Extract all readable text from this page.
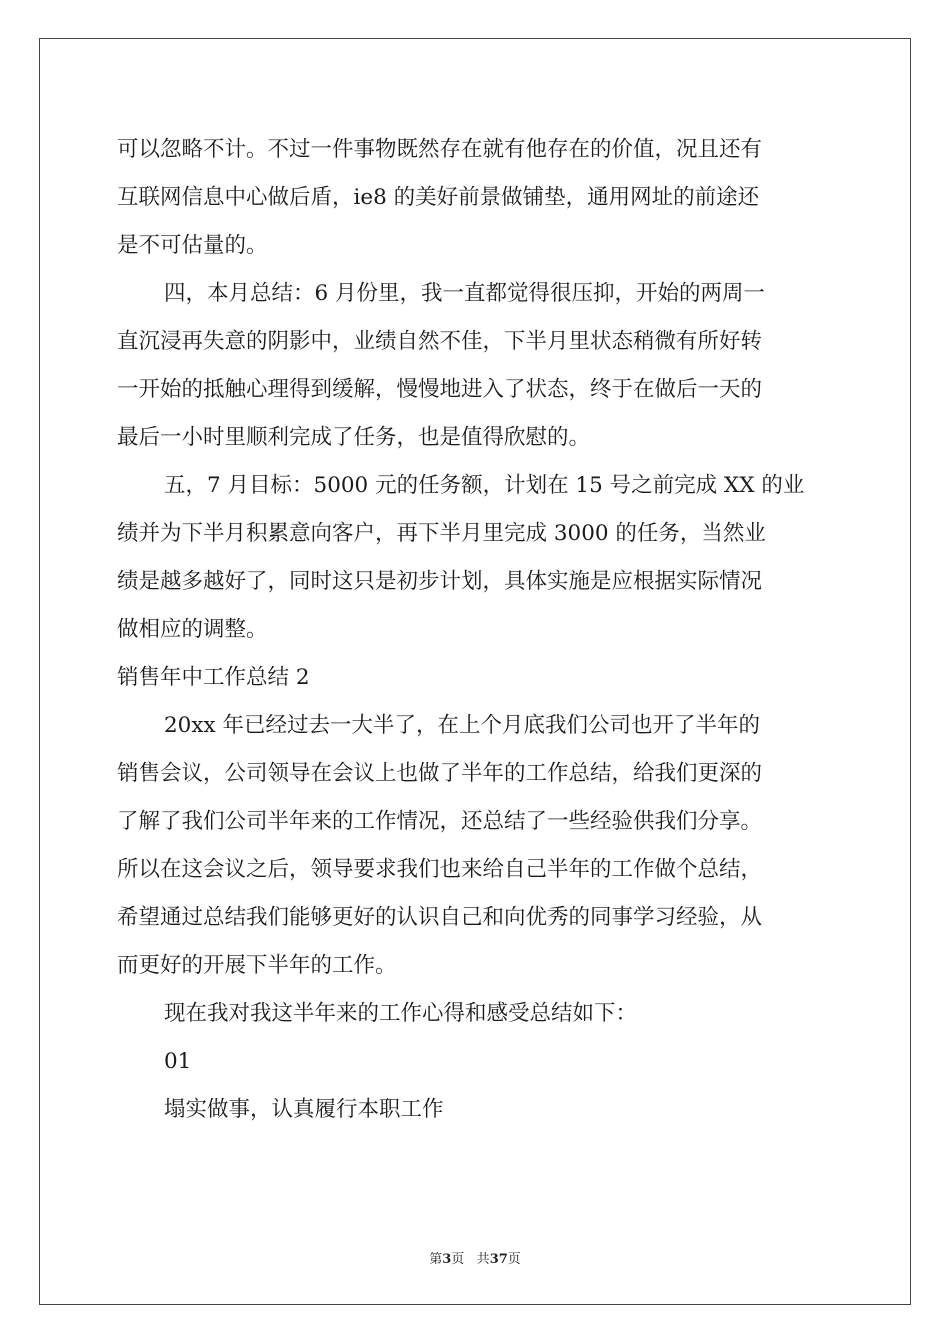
可以忽略不计。不过一件事物既然存在就有他存在的价值，况且还有
互联网信息中心做后盾，ie8 的美好前景做铺垫，通用网址的前途还
是不可估量的。
四，本月总结：6 月份里，我一直都觉得很压抑，开始的两周一
直沉浸再失意的阴影中，业绩自然不佳，下半月里状态稍微有所好转
一开始的抵触心理得到缓解，慢慢地进入了状态，终于在做后一天的
最后一小时里顺利完成了任务，也是值得欣慰的。
五，7 月目标：5000 元的任务额，计划在 15 号之前完成 XX 的业
绩并为下半月积累意向客户，再下半月里完成 3000 的任务，当然业
绩是越多越好了，同时这只是初步计划，具体实施是应根据实际情况
做相应的调整。
销售年中工作总结 2
20xx 年已经过去一大半了，在上个月底我们公司也开了半年的
销售会议，公司领导在会议上也做了半年的工作总结，给我们更深的
了解了我们公司半年来的工作情况，还总结了一些经验供我们分享。
所以在这会议之后，领导要求我们也来给自己半年的工作做个总结，
希望通过总结我们能够更好的认识自己和向优秀的同事学习经验，从
而更好的开展下半年的工作。
现在我对我这半年来的工作心得和感受总结如下：
01
塌实做事，认真履行本职工作
第3页 共37页
